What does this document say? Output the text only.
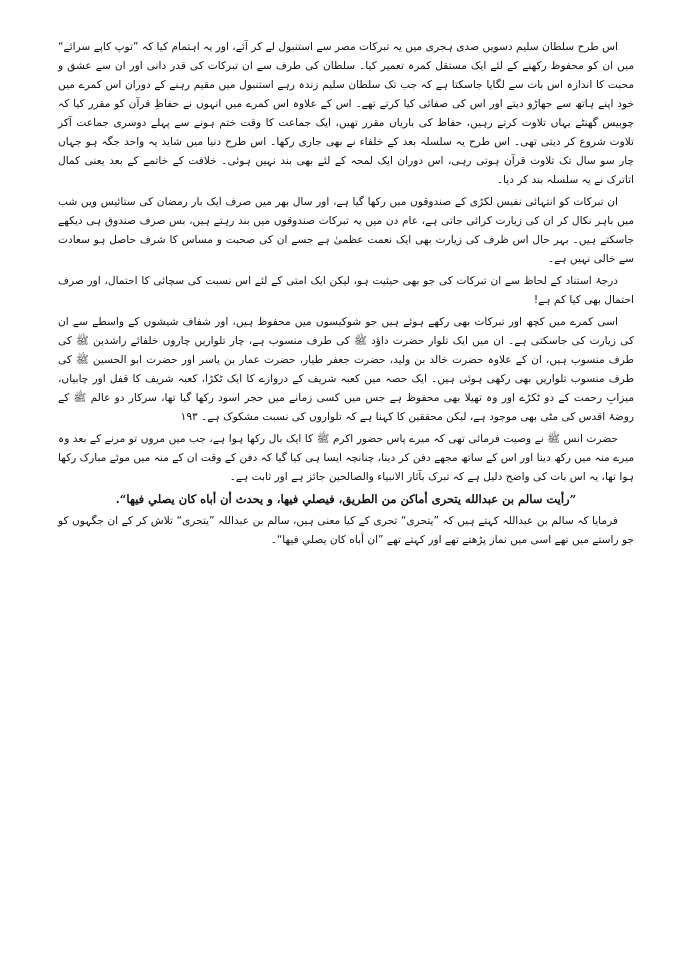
اس طرح سلطان سلیم دسویں صدی ہجری میں یہ تبرکات مصر سے استنبول لے کر آئے، اور یہ اہتمام کیا کہ ”توپ کاپے سرائے“ میں ان کو محفوظ رکھنے کے لئے ایک مستقل کمرہ تعمیر کیا۔ سلطان کی طرف سے ان تبرکات کی قدر دانی اور ان سے عشق و محبت کا اندازہ اس بات سے لگایا جاسکتا ہے کہ جب تک سلطان سلیم زندہ رہے استنبول میں مقیم رہنے کے دوران اس کمرے میں خود اپنے ہاتھ سے جھاڑو دیتے اور اس کی صفائی کیا کرتے تھے۔ اس کے علاوہ اس کمرے میں انہوں نے حفاظِ قرآن کو مقرر کیا کہ چوبیس گھنٹے یہاں تلاوت کرتے رہیں، حفاظ کی باریاں مقرر تھیں، ایک جماعت کا وقت ختم ہونے سے پہلے دوسری جماعت آکر تلاوت شروع کر دیتی تھی۔ اس طرح یہ سلسلہ بعد کے خلفاء نے بھی جاری رکھا۔ اس طرح دنیا میں شاید یہ واحد جگہ ہو جہاں چار سو سال تک تلاوت قرآن ہوتی رہی، اس دوران ایک لمحہ کے لئے بھی بند نہیں ہوئی۔ خلافت کے خاتمے کے بعد یعنی کمال اتاترک نے یہ سلسلہ بند کر دیا۔

ان تبرکات کو انتہائی نفیس لکڑی کے صندوقوں میں رکھا گیا ہے، اور سال بھر میں صرف ایک بار رمضان کی ستائیس ویں شب میں باہر نکال کر ان کی زیارت کرائی جاتی ہے، عام دن میں یہ تبرکات صندوقوں میں بند رہتے ہیں، بس صرف صندوق ہی دیکھے جاسکتے ہیں۔ بہر حال اس ظرف کی زیارت بھی ایک نعمت عظمیٰ ہے جسے ان کی صحبت و مساس کا شرف حاصل ہو سعادت سے خالی نہیں ہے۔

درجۂ استناد کے لحاظ سے ان تبرکات کی جو بھی حیثیت ہو، لیکن ایک امتی کے لئے اس نسبت کی سچائی کا احتمال، اور صرف احتمال بھی کیا کم ہے!

اسی کمرے میں کچھ اور تبرکات بھی رکھے ہوئے ہیں جو شوکیسوں میں محفوظ ہیں، اور شفاف شیشوں کے واسطے سے ان کی زیارت کی جاسکتی ہے۔ ان میں ایک تلوار حضرت داؤد ﷺ کی طرف منسوب ہے، چار تلواریں چاروں خلفائے راشدین ﷺ کی طرف منسوب ہیں، ان کے علاوہ حضرت خالد بن ولید، حضرت جعفر طیار، حضرت عمار بن یاسر اور حضرت ابو الحسین ﷺ کی طرف منسوب تلواریں بھی رکھی ہوئی ہیں۔ ایک حصہ میں کعبہ شریف کے دروازے کا ایک ٹکڑا، کعبہ شریف کا قفل اور چابیاں، میزابِ رحمت کے دو ٹکڑے اور وہ تھیلا بھی محفوظ ہے جس میں کسی زمانے میں حجر اسود رکھا گیا تھا، سرکار دو عالم ﷺ کے روضۂ اقدس کی مٹی بھی موجود ہے، لیکن محققین کا کہنا ہے کہ تلواروں کی نسبت مشکوک ہے۔ ۱۹۳

حضرت انس ﷺ نے وصیت فرمائی تھی کہ میرے پاس حضور اکرم ﷺ کا ایک بال رکھا ہوا ہے، جب میں مروں تو مرنے کے بعد وہ میرے منہ میں رکھ دینا اور اس کے ساتھ مجھے دفن کر دینا، چنانچہ ایسا ہی کیا گیا کہ دفن کے وقت ان کے منہ میں موئے مبارک رکھا ہوا تھا، یہ اس بات کی واضح دلیل ہے کہ تبرک بآثار الانبیاء والصالحین جائز ہے اور ثابت ہے۔

”رأيت سالم بن عبدالله يتحرى أماكن من الطريق، فيصلي فيها، و يحدث أن أباه كان يصلي فيها“.

فرمایا کہ سالم بن عبداللہ کہتے ہیں کہ ”یتحری“ تحری کے کیا معنی ہیں، سالم بن عبداللہ ”یتحری“ تلاش کر کے ان جگہوں کو جو راستے میں تھے اسی میں نماز پڑھتے تھے اور کہتے تھے ”ان أباه كان يصلي فيها“۔
